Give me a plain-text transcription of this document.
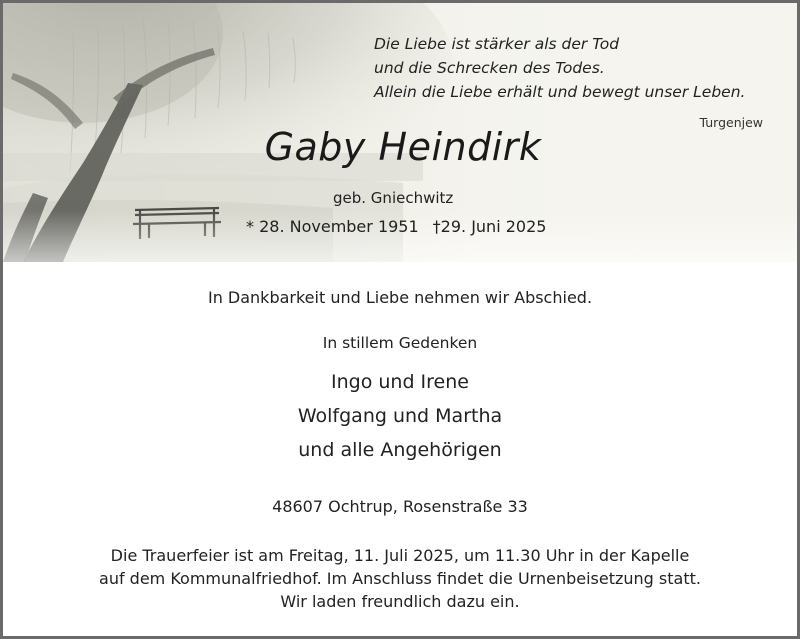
Die Liebe ist stärker als der Tod
und die Schrecken des Todes.
Allein die Liebe erhält und bewegt unser Leben.

Turgenjew
Gaby Heindirk
geb. Gniechwitz
* 28. November 1951 †29. Juni 2025
In Dankbarkeit und Liebe nehmen wir Abschied.
In stillem Gedenken
Ingo und Irene
Wolfgang und Martha
und alle Angehörigen
48607 Ochtrup, Rosenstraße 33
Die Trauerfeier ist am Freitag, 11. Juli 2025, um 11.30 Uhr in der Kapelle
auf dem Kommunalfriedhof. Im Anschluss findet die Urnenbeisetzung statt.
Wir laden freundlich dazu ein.
